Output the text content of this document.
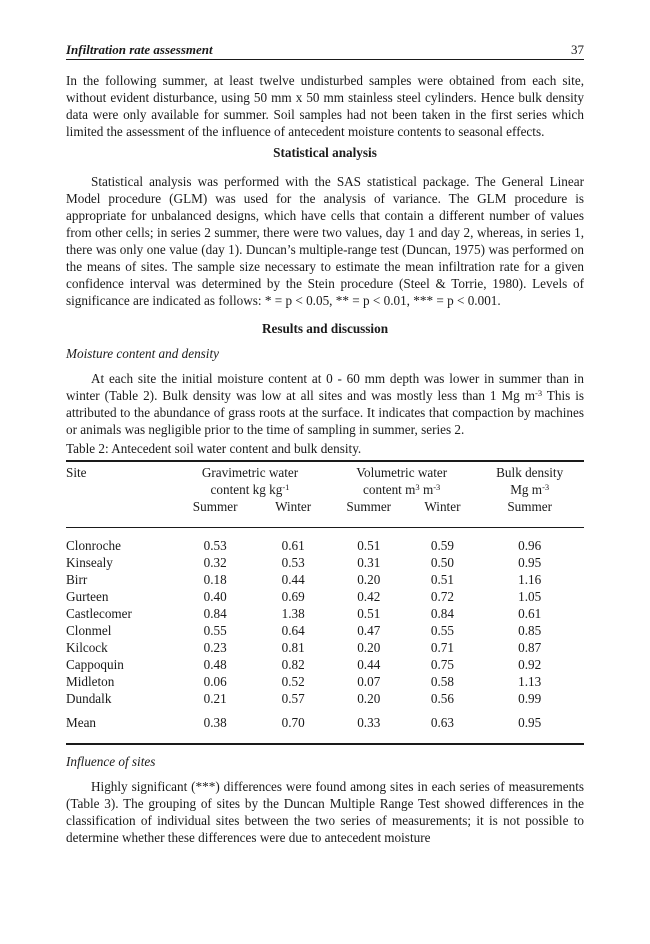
Infiltration rate assessment	37

In the following summer, at least twelve undisturbed samples were obtained from each site, without evident disturbance, using 50 mm x 50 mm stainless steel cylinders. Hence bulk density data were only available for summer. Soil samples had not been taken in the first series which limited the assessment of the influence of antecedent moisture contents to seasonal effects.

Statistical analysis

Statistical analysis was performed with the SAS statistical package. The General Linear Model procedure (GLM) was used for the analysis of variance. The GLM procedure is appropriate for unbalanced designs, which have cells that contain a different number of values from other cells; in series 2 summer, there were two values, day 1 and day 2, whereas, in series 1, there was only one value (day 1). Duncan’s multiple-range test (Duncan, 1975) was performed on the means of sites. The sample size necessary to estimate the mean infiltration rate for a given confidence interval was determined by the Stein procedure (Steel & Torrie, 1980). Levels of significance are indicated as follows: * = p < 0.05, ** = p < 0.01, *** = p < 0.001.

Results and discussion
Moisture content and density

At each site the initial moisture content at 0 - 60 mm depth was lower in summer than in winter (Table 2). Bulk density was low at all sites and was mostly less than 1 Mg $m^{-3}$ This is attributed to the abundance of grass roots at the surface. It indicates that compaction by machines or animals was negligible prior to the time of sampling in summer, series 2.

Table 2: Antecedent soil water content and bulk density.

Site	Gravimetric water		Volumetric water		Bulk density
	content kg $kg^{-1}$		content $m^3$ $m^{-3}$		Mg $m^{-3}$
	Summer	Winter	Summer	Winter	Summer
Clonroche	0.53	0.61	0.51	0.59	0.96
Kinsealy	0.32	0.53	0.31	0.50	0.95
Birr	0.18	0.44	0.20	0.51	1.16
Gurteen	0.40	0.69	0.42	0.72	1.05
Castlecomer	0.84	1.38	0.51	0.84	0.61
Clonmel	0.55	0.64	0.47	0.55	0.85
Kilcock	0.23	0.81	0.20	0.71	0.87
Cappoquin	0.48	0.82	0.44	0.75	0.92
Midleton	0.06	0.52	0.07	0.58	1.13
Dundalk	0.21	0.57	0.20	0.56	0.99
Mean	0.38	0.70	0.33	0.63	0.95
Influence of sites

Highly significant (***) differences were found among sites in each series of measurements (Table 3). The grouping of sites by the Duncan Multiple Range Test showed differences in the classification of individual sites between the two series of measurements; it is not possible to determine whether these differences were due to antecedent moisture
